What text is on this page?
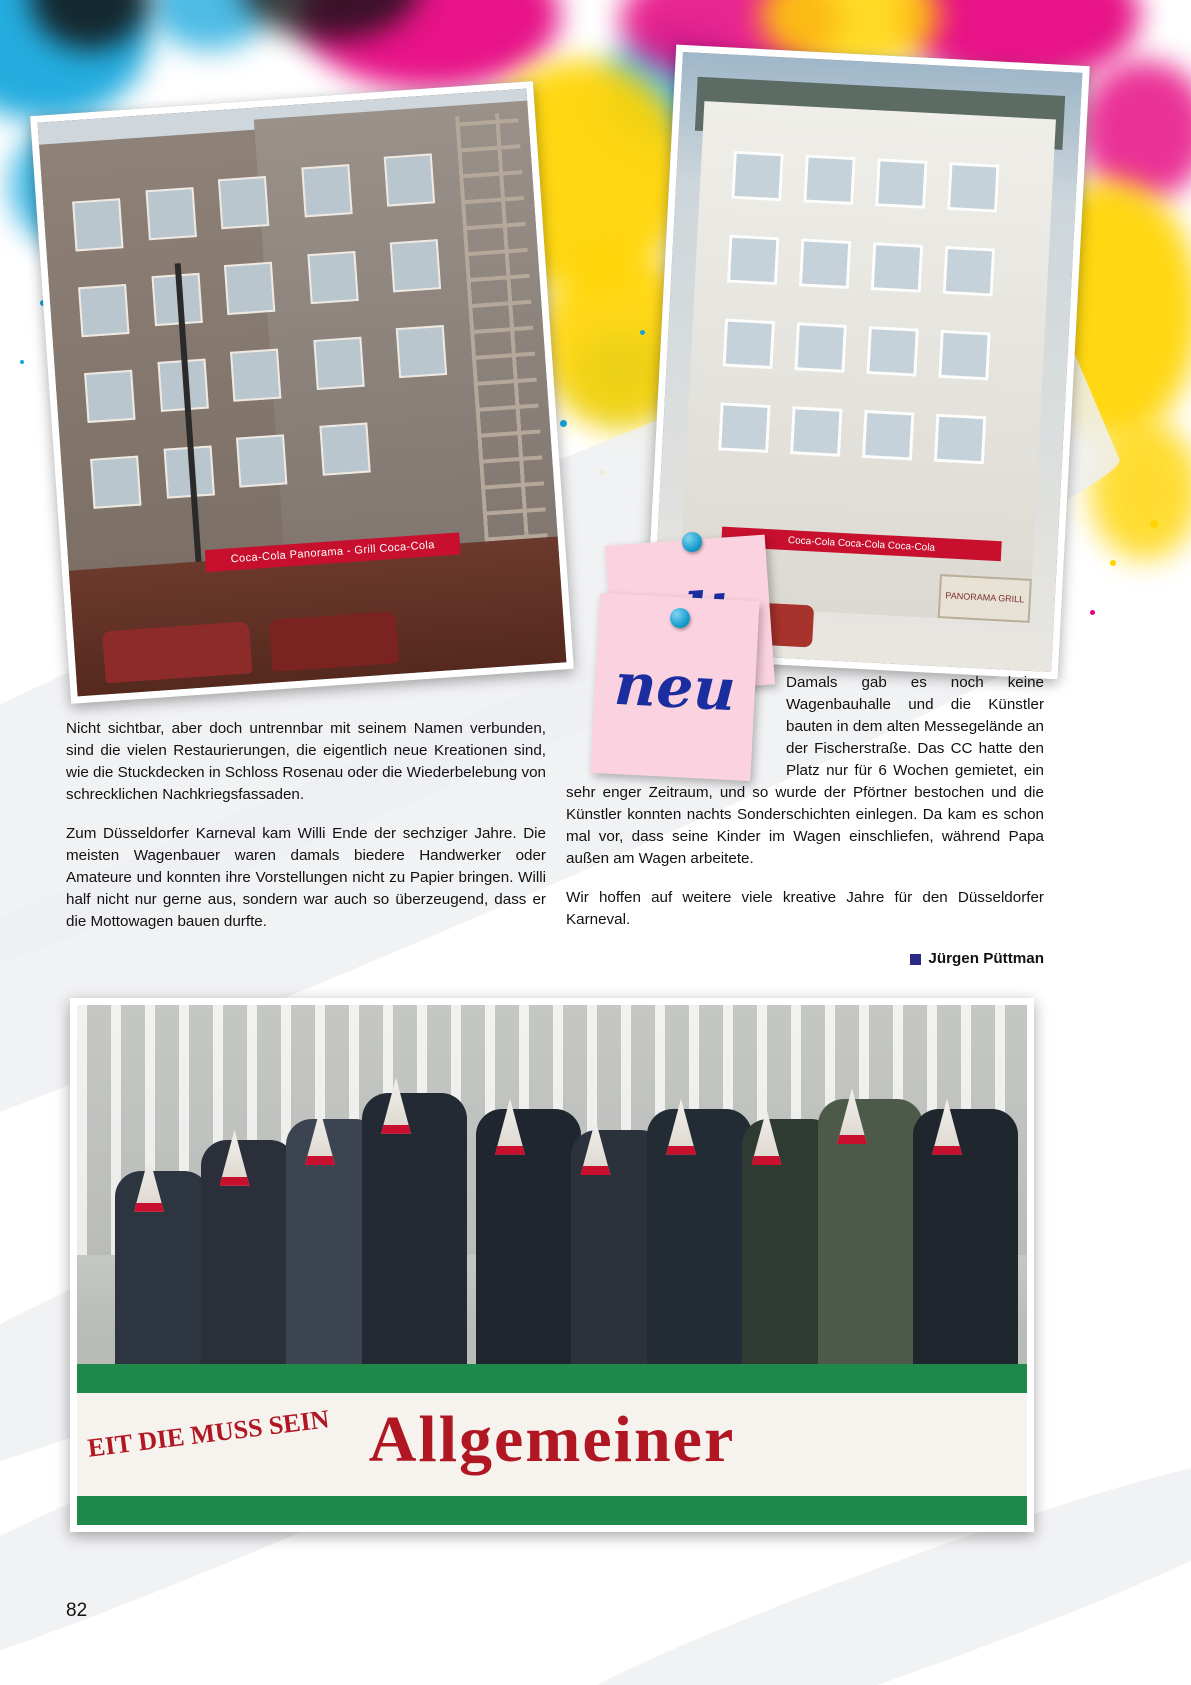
Coca-Cola Panorama - Grill Coca-Cola	Coca-Cola Coca-Cola Coca-Cola
PANORAMA GRILL
neu

Nicht sichtbar, aber doch untrennbar mit seinem Namen verbunden, sind die vielen Restaurierungen, die eigentlich neue Kreationen sind, wie die Stuckdecken in Schloss Rosenau oder die Wiederbelebung von schrecklichen Nachkriegsfassaden.

Zum Düsseldorfer Karneval kam Willi Ende der sechziger Jahre. Die meisten Wagenbauer waren damals biedere Handwerker oder Amateure und konnten ihre Vorstellungen nicht zu Papier bringen. Willi half nicht nur gerne aus, sondern war auch so überzeugend, dass er die Mottowagen bauen durfte.

Damals gab es noch keine Wagenbauhalle und die Künstler bauten in dem alten Messegelände an der Fischerstraße. Das CC hatte den Platz nur für 6 Wochen gemietet, ein sehr enger Zeitraum, und so wurde der Pförtner bestochen und die Künstler konnten nachts Sonderschichten einlegen. Da kam es schon mal vor, dass seine Kinder im Wagen einschliefen, während Papa außen am Wagen arbeitete.

Wir hoffen auf weitere viele kreative Jahre für den Düsseldorfer Karneval.

Jürgen Püttman

EIT DIE MUSS SEIN Allgemeiner
82
